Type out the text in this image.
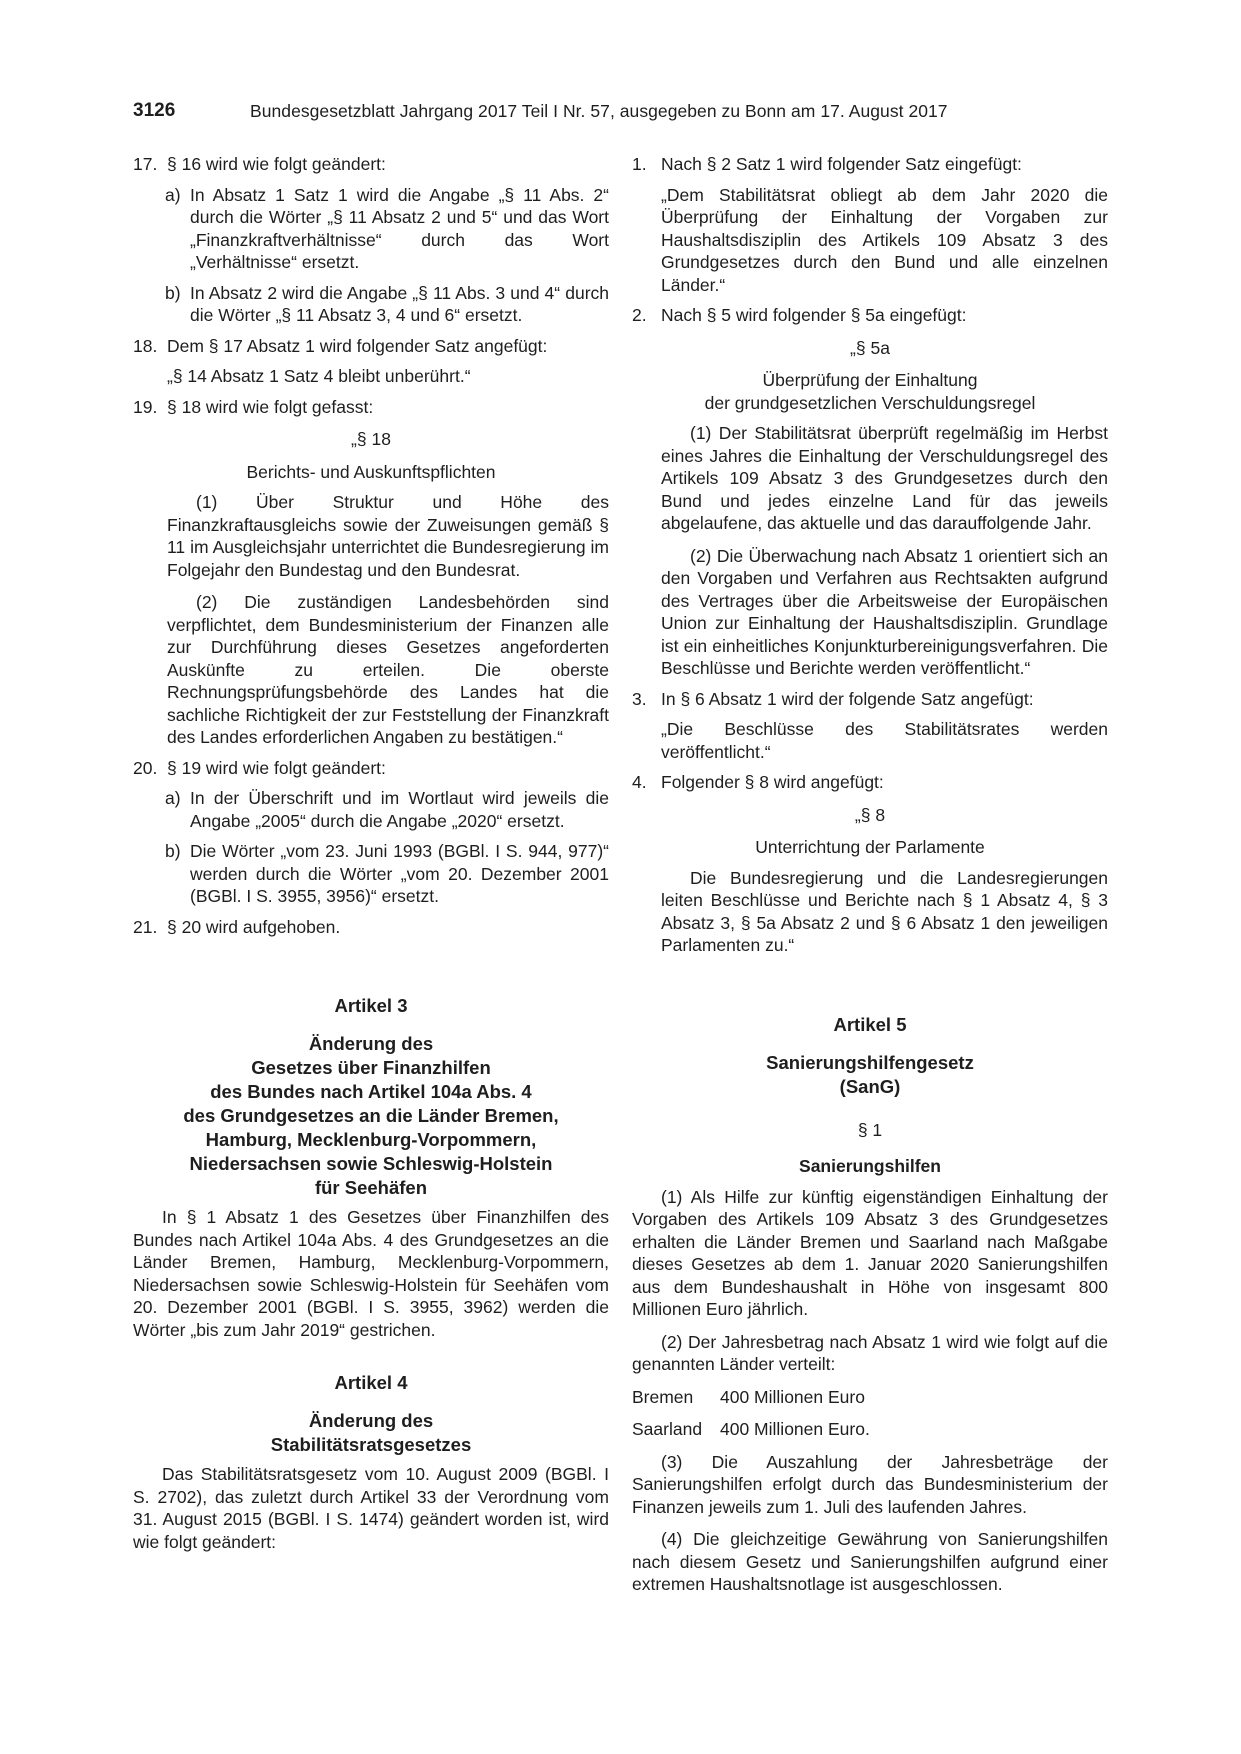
3126	Bundesgesetzblatt Jahrgang 2017 Teil I Nr. 57, ausgegeben zu Bonn am 17. August 2017
17. § 16 wird wie folgt geändert:
a) In Absatz 1 Satz 1 wird die Angabe „§ 11 Abs. 2“ durch die Wörter „§ 11 Absatz 2 und 5“ und das Wort „Finanzkraftverhältnisse“ durch das Wort „Verhältnisse“ ersetzt.
b) In Absatz 2 wird die Angabe „§ 11 Abs. 3 und 4“ durch die Wörter „§ 11 Absatz 3, 4 und 6“ ersetzt.
18. Dem § 17 Absatz 1 wird folgender Satz angefügt:

„§ 14 Absatz 1 Satz 4 bleibt unberührt.“

19. § 18 wird wie folgt gefasst:

„§ 18

Berichts- und Auskunftspflichten

(1) Über Struktur und Höhe des Finanzkraftausgleichs sowie der Zuweisungen gemäß § 11 im Ausgleichsjahr unterrichtet die Bundesregierung im Folgejahr den Bundestag und den Bundesrat.

(2) Die zuständigen Landesbehörden sind verpflichtet, dem Bundesministerium der Finanzen alle zur Durchführung dieses Gesetzes angeforderten Auskünfte zu erteilen. Die oberste Rechnungsprüfungsbehörde des Landes hat die sachliche Richtigkeit der zur Feststellung der Finanzkraft des Landes erforderlichen Angaben zu bestätigen.“

20. § 19 wird wie folgt geändert:
a) In der Überschrift und im Wortlaut wird jeweils die Angabe „2005“ durch die Angabe „2020“ ersetzt.
b) Die Wörter „vom 23. Juni 1993 (BGBl. I S. 944, 977)“ werden durch die Wörter „vom 20. Dezember 2001 (BGBl. I S. 3955, 3956)“ ersetzt.
21. § 20 wird aufgehoben.

Artikel 3

Änderung des
Gesetzes über Finanzhilfen
des Bundes nach Artikel 104a Abs. 4
des Grundgesetzes an die Länder Bremen,
Hamburg, Mecklenburg-Vorpommern,
Niedersachsen sowie Schleswig-Holstein
für Seehäfen

In § 1 Absatz 1 des Gesetzes über Finanzhilfen des Bundes nach Artikel 104a Abs. 4 des Grundgesetzes an die Länder Bremen, Hamburg, Mecklenburg-Vorpommern, Niedersachsen sowie Schleswig-Holstein für Seehäfen vom 20. Dezember 2001 (BGBl. I S. 3955, 3962) werden die Wörter „bis zum Jahr 2019“ gestrichen.

Artikel 4

Änderung des
Stabilitätsratsgesetzes

Das Stabilitätsratsgesetz vom 10. August 2009 (BGBl. I S. 2702), das zuletzt durch Artikel 33 der Verordnung vom 31. August 2015 (BGBl. I S. 1474) geändert worden ist, wird wie folgt geändert:

1. Nach § 2 Satz 1 wird folgender Satz eingefügt:

„Dem Stabilitätsrat obliegt ab dem Jahr 2020 die Überprüfung der Einhaltung der Vorgaben zur Haushaltsdisziplin des Artikels 109 Absatz 3 des Grundgesetzes durch den Bund und alle einzelnen Länder.“

2. Nach § 5 wird folgender § 5a eingefügt:

„§ 5a

Überprüfung der Einhaltung
der grundgesetzlichen Verschuldungsregel

(1) Der Stabilitätsrat überprüft regelmäßig im Herbst eines Jahres die Einhaltung der Verschuldungsregel des Artikels 109 Absatz 3 des Grundgesetzes durch den Bund und jedes einzelne Land für das jeweils abgelaufene, das aktuelle und das darauffolgende Jahr.

(2) Die Überwachung nach Absatz 1 orientiert sich an den Vorgaben und Verfahren aus Rechtsakten aufgrund des Vertrages über die Arbeitsweise der Europäischen Union zur Einhaltung der Haushaltsdisziplin. Grundlage ist ein einheitliches Konjunkturbereinigungsverfahren. Die Beschlüsse und Berichte werden veröffentlicht.“

3. In § 6 Absatz 1 wird der folgende Satz angefügt:

„Die Beschlüsse des Stabilitätsrates werden veröffentlicht.“

4. Folgender § 8 wird angefügt:

„§ 8

Unterrichtung der Parlamente

Die Bundesregierung und die Landesregierungen leiten Beschlüsse und Berichte nach § 1 Absatz 4, § 3 Absatz 3, § 5a Absatz 2 und § 6 Absatz 1 den jeweiligen Parlamenten zu.“

Artikel 5

Sanierungshilfengesetz
(SanG)

§ 1

Sanierungshilfen

(1) Als Hilfe zur künftig eigenständigen Einhaltung der Vorgaben des Artikels 109 Absatz 3 des Grundgesetzes erhalten die Länder Bremen und Saarland nach Maßgabe dieses Gesetzes ab dem 1. Januar 2020 Sanierungshilfen aus dem Bundeshaushalt in Höhe von insgesamt 800 Millionen Euro jährlich.

(2) Der Jahresbetrag nach Absatz 1 wird wie folgt auf die genannten Länder verteilt:

Bremen	400 Millionen Euro
Saarland	400 Millionen Euro.

(3) Die Auszahlung der Jahresbeträge der Sanierungshilfen erfolgt durch das Bundesministerium der Finanzen jeweils zum 1. Juli des laufenden Jahres.

(4) Die gleichzeitige Gewährung von Sanierungshilfen nach diesem Gesetz und Sanierungshilfen aufgrund einer extremen Haushaltsnotlage ist ausgeschlossen.
